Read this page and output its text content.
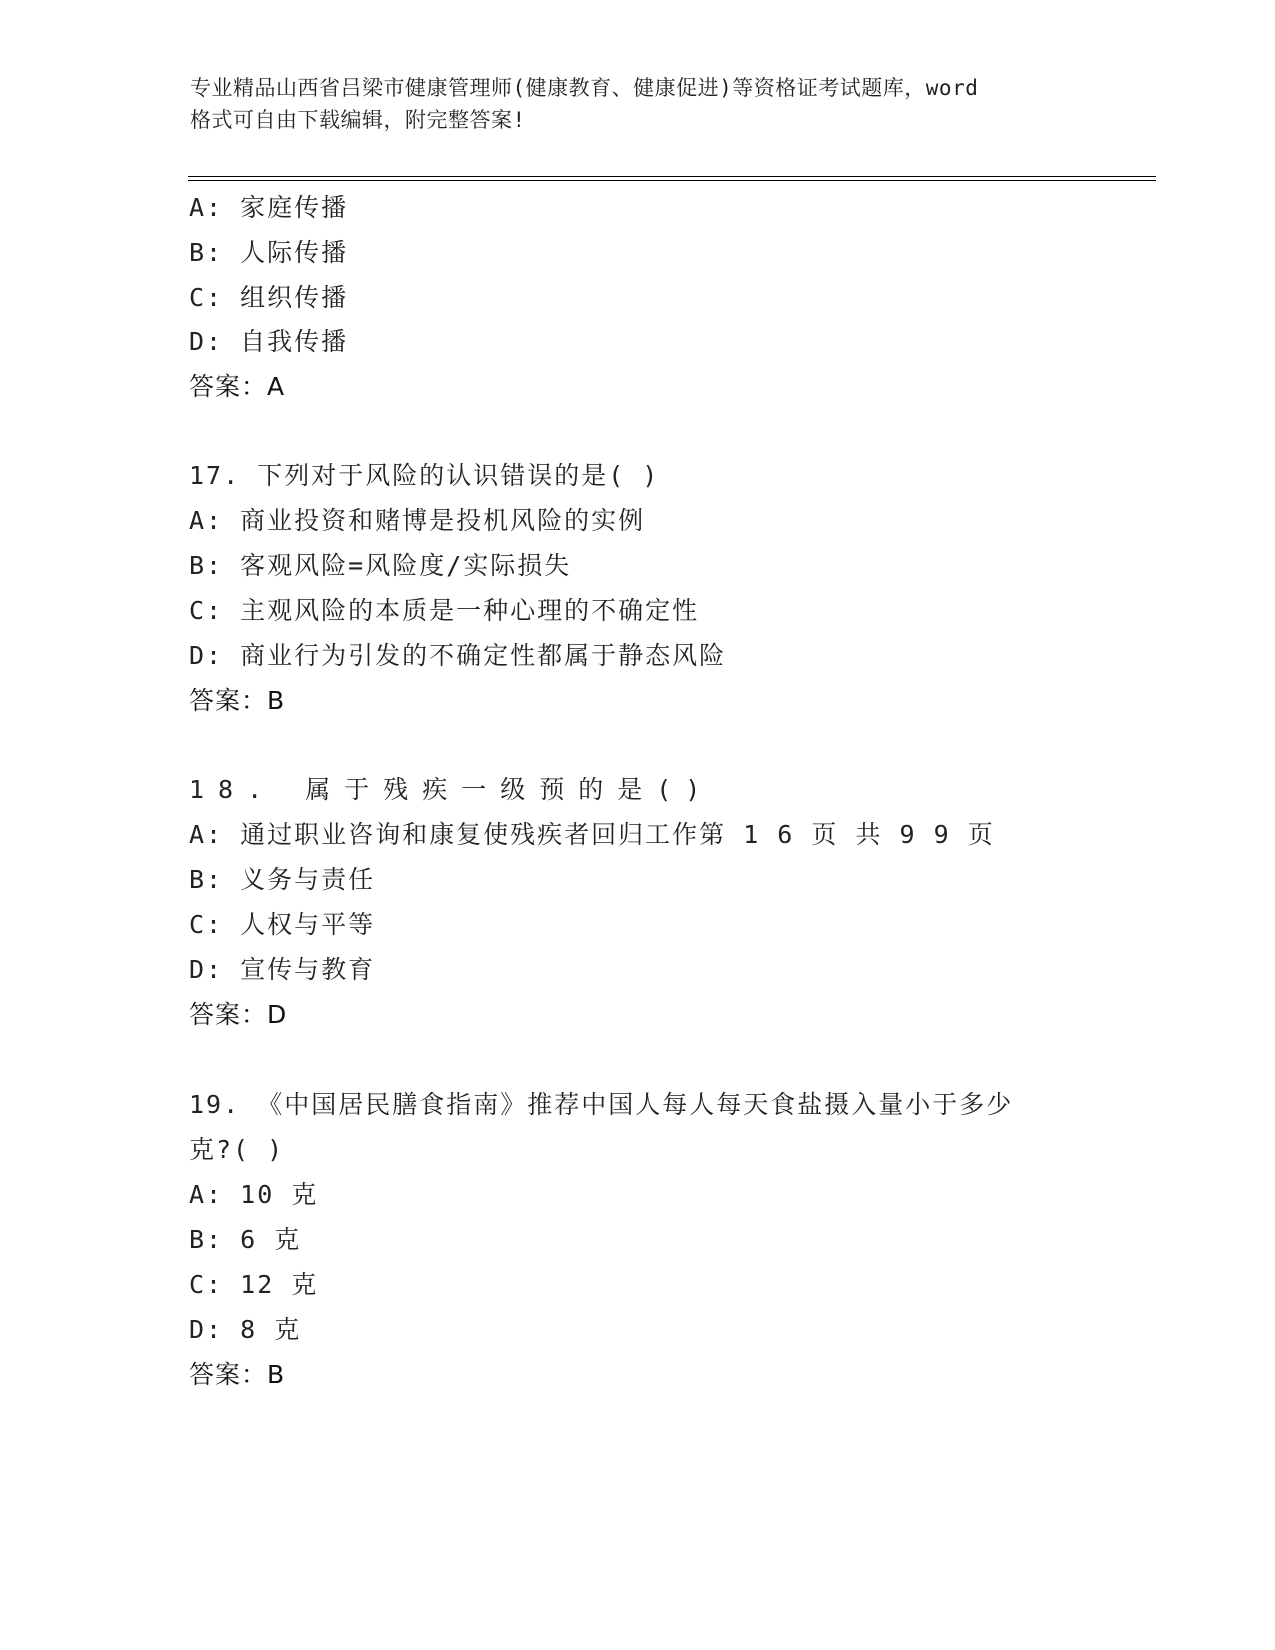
专业精品山西省吕梁市健康管理师(健康教育、健康促进)等资格证考试题库，word
格式可自由下载编辑，附完整答案!
A: 家庭传播
B: 人际传播
C: 组织传播
D: 自我传播
答案：A
17. 下列对于风险的认识错误的是( )
A: 商业投资和赌博是投机风险的实例
B: 客观风险=风险度/实际损失
C: 主观风险的本质是一种心理的不确定性
D: 商业行为引发的不确定性都属于静态风险
答案：B
18. 属于残疾一级预的是()
A: 通过职业咨询和康复使残疾者回归工作第 1 6 页 共 9 9 页
B: 义务与责任
C: 人权与平等
D: 宣传与教育
答案：D
19. 《中国居民膳食指南》推荐中国人每人每天食盐摄入量小于多少
克?( )
A: 10 克
B: 6 克
C: 12 克
D: 8 克
答案：B
